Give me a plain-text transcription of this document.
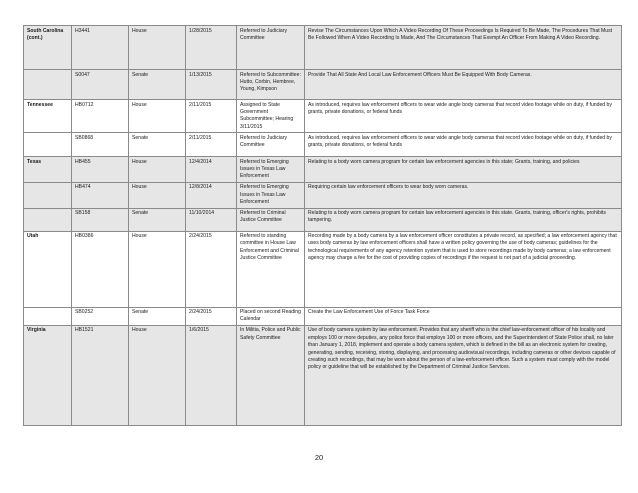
South Carolina (cont.)	H3441	House	1/28/2015	Referred to Judiciary Committee	Revise The Circumstances Upon Which A Video Recording Of These Proceedings Is Required To Be Made, The Procedures That Must Be Followed When A Video Recording Is Made, And The Circumstances That Exempt An Officer From Making A Video Recording.
	S0047	Senate	1/13/2015	Referred to Subcommittee: Hutto, Corbin, Hembree, Young, Kimpson	Provide That All State And Local Law Enforcement Officers Must Be Equipped With Body Cameras.
Tennessee	HB0712	House	2/11/2015	Assigned to State Government Subcommittee; Hearing 3/11/2015	As introduced, requires law enforcement officers to wear wide angle body cameras that record video footage while on duty, if funded by grants, private donations, or federal funds
	SB0868	Senate	2/11/2015	Referred to Judiciary Committee	As introduced, requires law enforcement officers to wear wide angle body cameras that record video footage while on duty, if funded by grants, private donations, or federal funds
Texas	HB455	House	12/4/2014	Referred to Emerging Issues in Texas Law Enforcement	Relating to a body worn camera program for certain law enforcement agencies in this state; Grants, training, and policies
	HB474	House	12/8/2014	Referred to Emerging Issues in Texas Law Enforcement	Requiring certain law enforcement officers to wear body worn cameras.
	SB158	Senate	11/10/2014	Referred to Criminal Justice Committee	Relating to a body worn camera program for certain law enforcement agencies in this state. Grants, training, officer's rights, prohibits tampering.
Utah	HB0386	House	2/24/2015	Referred to standing committee in House Law Enforcement and Criminal Justice Committee	Recording made by a body camera by a law enforcement officer constitutes a private record, as specified; a law enforcement agency that uses body cameras by law enforcement officers shall have a written policy governing the use of body cameras; guidelines for the technological requirements of any agency retention system that is used to store recordings made by body cameras; a law enforcement agency may charge a fee for the cost of providing copies of recordings if the request is not part of a judicial proceeding.
	SB0252	Senate	2/24/2015	Placed on second Reading Calendar	Create the Law Enforcement Use of Force Task Force
Virginia	HB1521	House	1/6/2015	In Militia, Police and Public Safety Committee	Use of body camera system by law enforcement. Provides that any sheriff who is the chief law-enforcement officer of his locality and employs 100 or more deputies, any police force that employs 100 or more officers, and the Superintendent of State Police shall, no later than January 1, 2018, implement and operate a body camera system, which is defined in the bill as an electronic system for creating, generating, sending, receiving, storing, displaying, and processing audiovisual recordings, including cameras or other devices capable of creating such recordings, that may be worn about the person of a law-enforcement officer. Such a system must comply with the model policy or guideline that will be established by the Department of Criminal Justice Services.
20
